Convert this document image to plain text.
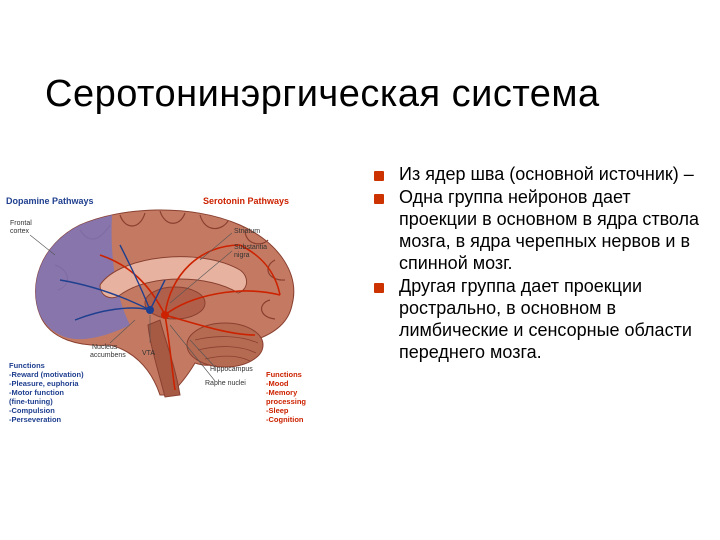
Серотонинэргическая система
Из ядер шва (основной источник) –
Одна группа нейронов дает проекции в основном в ядра ствола мозга, в ядра черепных нервов и в спинной мозг.
Другая группа дает проекции рострально, в основном в лимбические и сенсорные области переднего мозга.
Dopamine Pathways	Serotonin Pathways
Frontal
cortex	Striatum
Substantia
nigra
Nucleus
accumbens VTA
Hippocampus
Raphe nuclei
Functions
-Reward (motivation)
-Pleasure, euphoria
-Motor function
(fine-tuning)
-Compulsion
-Perseveration
Functions
-Mood
-Memory
processing
-Sleep
-Cognition
